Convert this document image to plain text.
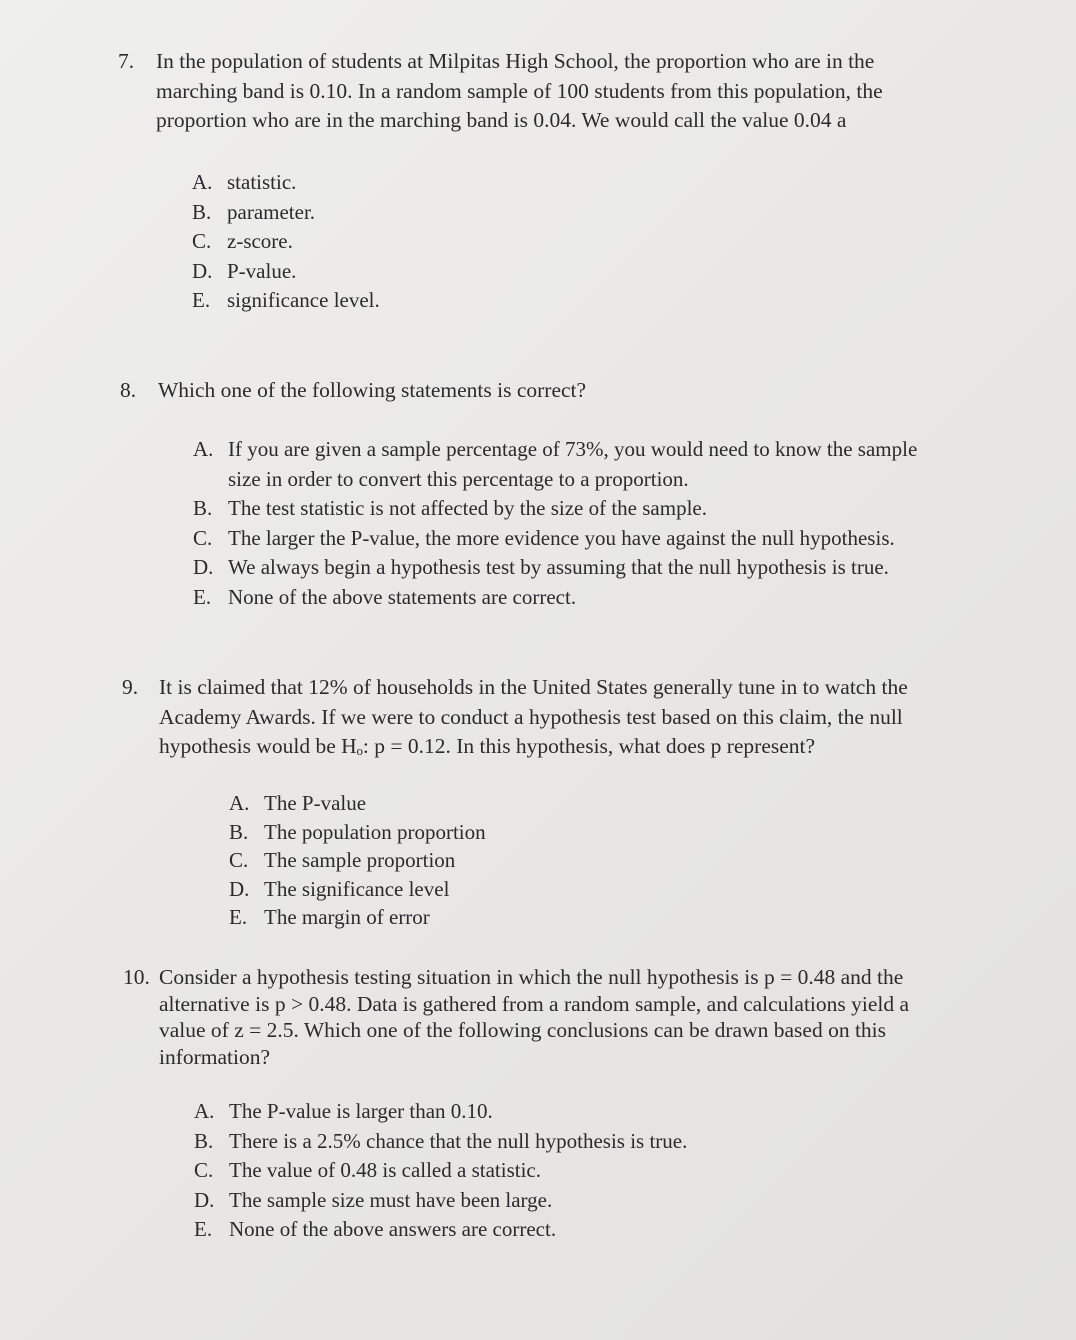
7. In the population of students at Milpitas High School, the proportion who are in the
marching band is 0.10. In a random sample of 100 students from this population, the
proportion who are in the marching band is 0.04. We would call the value 0.04 a
A. statistic.
B. parameter.
C. z-score.
D. P-value.
E. significance level.
8. Which one of the following statements is correct?
A. If you are given a sample percentage of 73%, you would need to know the sample
size in order to convert this percentage to a proportion.
B. The test statistic is not affected by the size of the sample.
C. The larger the P-value, the more evidence you have against the null hypothesis.
D. We always begin a hypothesis test by assuming that the null hypothesis is true.
E. None of the above statements are correct.
9. It is claimed that 12% of households in the United States generally tune in to watch the
Academy Awards. If we were to conduct a hypothesis test based on this claim, the null
hypothesis would be Hₒ: p = 0.12. In this hypothesis, what does p represent?
A. The P-value
B. The population proportion
C. The sample proportion
D. The significance level
E. The margin of error
10. Consider a hypothesis testing situation in which the null hypothesis is p = 0.48 and the
alternative is p > 0.48. Data is gathered from a random sample, and calculations yield a
value of z = 2.5. Which one of the following conclusions can be drawn based on this
information?
A. The P-value is larger than 0.10.
B. There is a 2.5% chance that the null hypothesis is true.
C. The value of 0.48 is called a statistic.
D. The sample size must have been large.
E. None of the above answers are correct.
